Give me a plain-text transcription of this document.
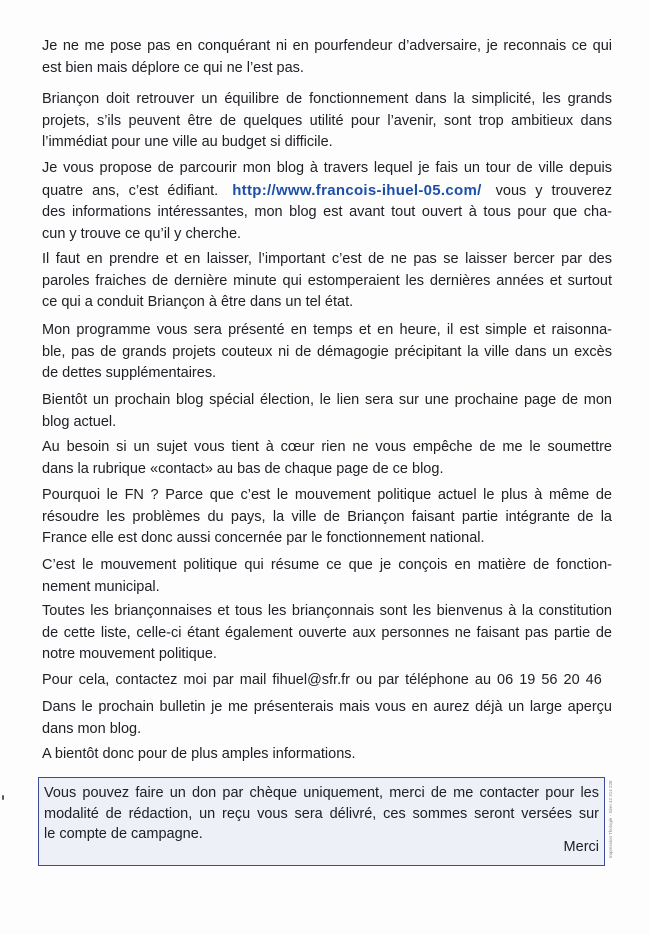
Je ne me pose pas en conquérant ni en pourfendeur d’adversaire, je reconnais ce qui
est bien mais déplore ce qui ne l’est pas.
Briançon doit retrouver un équilibre de fonctionnement dans la simplicité, les grands
projets, s’ils peuvent être de quelques utilité pour l’avenir, sont trop ambitieux dans
l’immédiat pour une ville au budget si difficile.
Je vous propose de parcourir mon blog à travers lequel je fais un tour de ville depuis
quatre ans, c’est édifiant. http://www.francois-ihuel-05.com/ vous y trouverez
des informations intéressantes, mon blog est avant tout ouvert à tous pour que cha-
cun y trouve ce qu’il y cherche.
Il faut en prendre et en laisser, l’important c’est de ne pas se laisser bercer par des
paroles fraiches de dernière minute qui estomperaient les dernières années et surtout
ce qui a conduit Briançon à être dans un tel état.
Mon programme vous sera présenté en temps et en heure, il est simple et raisonna-
ble, pas de grands projets couteux ni de démagogie précipitant la ville dans un excès
de dettes supplémentaires.
Bientôt un prochain blog spécial élection, le lien sera sur une prochaine page de mon
blog actuel.
Au besoin si un sujet vous tient à cœur rien ne vous empêche de me le soumettre
dans la rubrique «contact» au bas de chaque page de ce blog.
Pourquoi le FN ? Parce que c’est le mouvement politique actuel le plus à même de
résoudre les problèmes du pays, la ville de Briançon faisant partie intégrante de la
France elle est donc aussi concernée par le fonctionnement national.
C’est le mouvement politique qui résume ce que je conçois en matière de fonction-
nement municipal.
Toutes les briançonnaises et tous les briançonnais sont les bienvenus à la constitution
de cette liste, celle-ci étant également ouverte aux personnes ne faisant pas partie de
notre mouvement politique.
Pour cela, contactez moi par mail fihuel@sfr.fr ou par téléphone au 06 19 56 20 46
Dans le prochain bulletin je me présenterais mais vous en aurez déjà un large aperçu
dans mon blog.
A bientôt donc pour de plus amples informations.
Vous pouvez faire un don par chèque uniquement, merci de me contacter pour les
modalité de rédaction, un reçu vous sera délivré, ces sommes seront versées sur
le compte de campagne.
Merci Impression Thologie - Siret 42 314 238
